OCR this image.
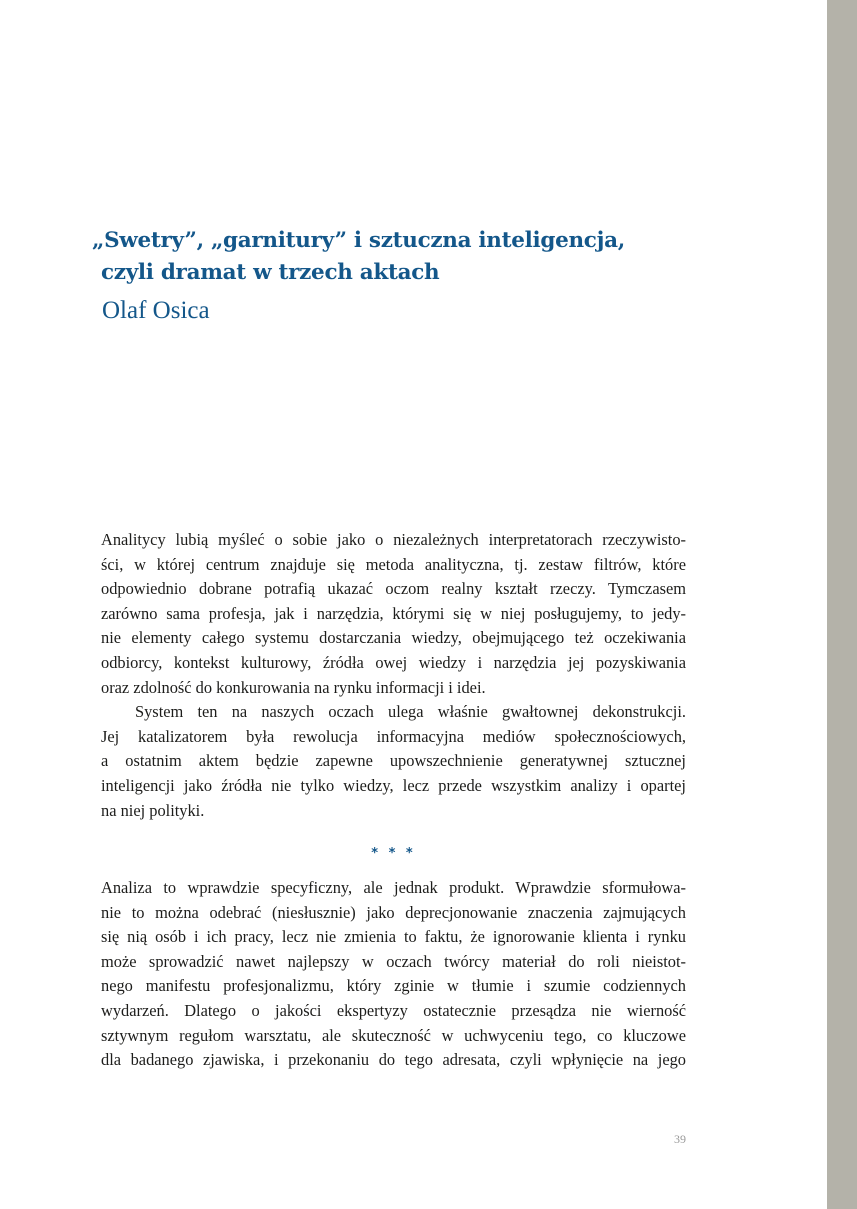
„Swetry”, „garnitury” i sztuczna inteligencja,
czyli dramat w trzech aktach

Olaf Osica

Analitycy lubią myśleć o sobie jako o niezależnych interpretatorach rzeczywisto-
ści, w której centrum znajduje się metoda analityczna, tj. zestaw filtrów, które
odpowiednio dobrane potrafią ukazać oczom realny kształt rzeczy. Tymczasem
zarówno sama profesja, jak i narzędzia, którymi się w niej posługujemy, to jedy-
nie elementy całego systemu dostarczania wiedzy, obejmującego też oczekiwania
odbiorcy, kontekst kulturowy, źródła owej wiedzy i narzędzia jej pozyskiwania
oraz zdolność do konkurowania na rynku informacji i idei.
System ten na naszych oczach ulega właśnie gwałtownej dekonstrukcji.
Jej katalizatorem była rewolucja informacyjna mediów społecznościowych,
a ostatnim aktem będzie zapewne upowszechnienie generatywnej sztucznej
inteligencji jako źródła nie tylko wiedzy, lecz przede wszystkim analizy i opartej
na niej polityki.
* * *
Analiza to wprawdzie specyficzny, ale jednak produkt. Wprawdzie sformułowa-
nie to można odebrać (niesłusznie) jako deprecjonowanie znaczenia zajmujących
się nią osób i ich pracy, lecz nie zmienia to faktu, że ignorowanie klienta i rynku
może sprowadzić nawet najlepszy w oczach twórcy materiał do roli nieistot-
nego manifestu profesjonalizmu, który zginie w tłumie i szumie codziennych
wydarzeń. Dlatego o jakości ekspertyzy ostatecznie przesądza nie wierność
sztywnym regułom warsztatu, ale skuteczność w uchwyceniu tego, co kluczowe
dla badanego zjawiska, i przekonaniu do tego adresata, czyli wpłynięcie na jego
39
